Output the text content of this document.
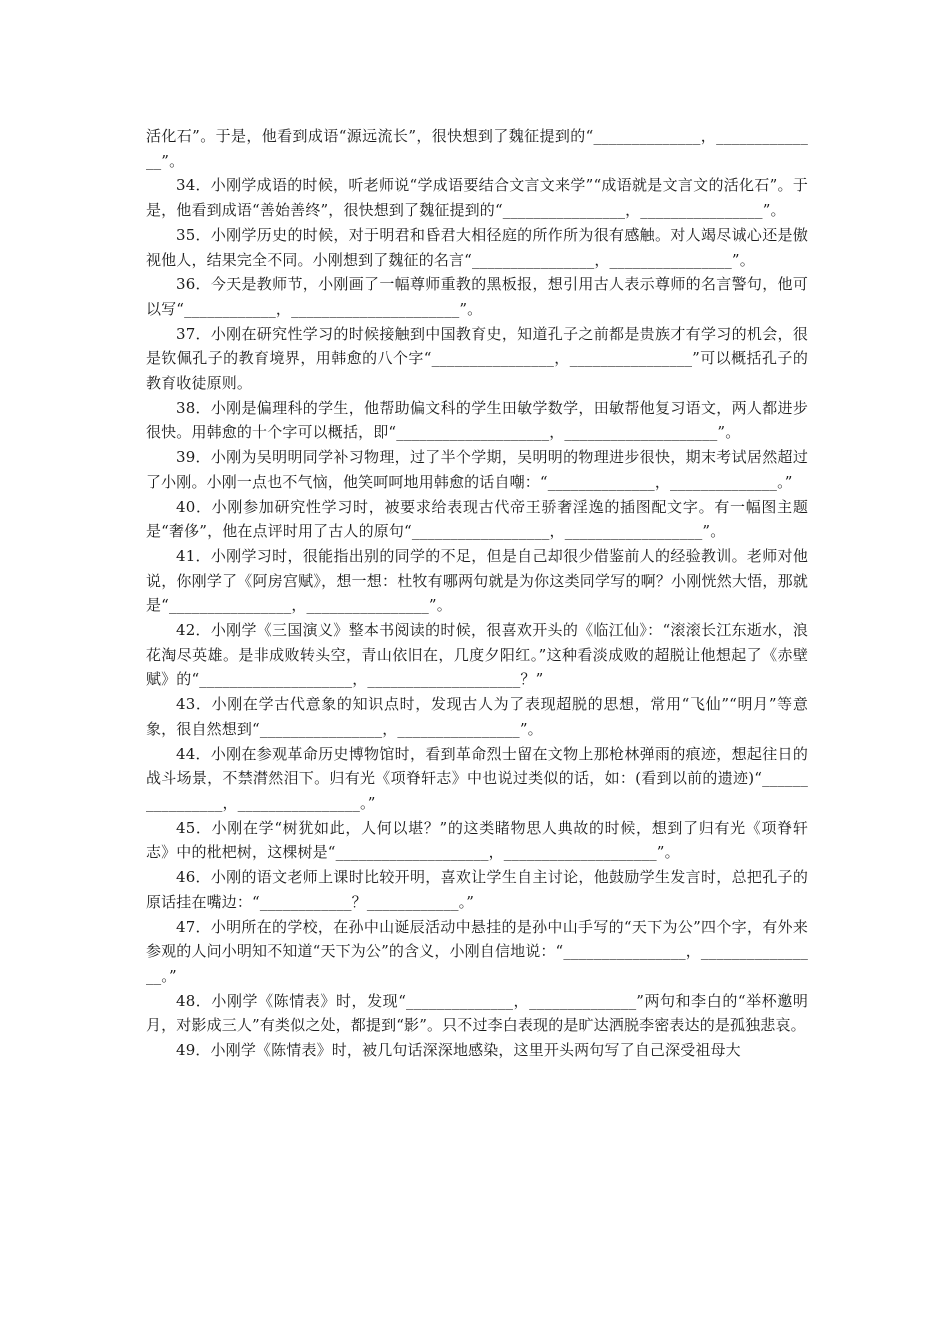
活化石”。于是，他看到成语“源远流长”，很快想到了魏征提到的“______________，______________”。

34．小刚学成语的时候，听老师说“学成语要结合文言文来学”“成语就是文言文的活化石”。于是，他看到成语“善始善终”，很快想到了魏征提到的“________________，________________”。

35．小刚学历史的时候，对于明君和昏君大相径庭的所作所为很有感触。对人竭尽诚心还是傲视他人，结果完全不同。小刚想到了魏征的名言“________________，________________”。

36．今天是教师节，小刚画了一幅尊师重教的黑板报，想引用古人表示尊师的名言警句，他可以写“____________，______________________”。

37．小刚在研究性学习的时候接触到中国教育史，知道孔子之前都是贵族才有学习的机会，很是钦佩孔子的教育境界，用韩愈的八个字“________________，________________”可以概括孔子的教育收徒原则。

38．小刚是偏理科的学生，他帮助偏文科的学生田敏学数学，田敏帮他复习语文，两人都进步很快。用韩愈的十个字可以概括，即“____________________，____________________”。

39．小刚为吴明明同学补习物理，过了半个学期，吴明明的物理进步很快，期末考试居然超过了小刚。小刚一点也不气恼，他笑呵呵地用韩愈的话自嘲：“______________，______________。”

40．小刚参加研究性学习时，被要求给表现古代帝王骄奢淫逸的插图配文字。有一幅图主题是“奢侈”，他在点评时用了古人的原句“__________________，__________________”。

41．小刚学习时，很能指出别的同学的不足，但是自己却很少借鉴前人的经验教训。老师对他说，你刚学了《阿房宫赋》，想一想：杜牧有哪两句就是为你这类同学写的啊？小刚恍然大悟，那就是“________________，________________”。

42．小刚学《三国演义》整本书阅读的时候，很喜欢开头的《临江仙》：“滚滚长江东逝水，浪花淘尽英雄。是非成败转头空，青山依旧在，几度夕阳红。”这种看淡成败的超脱让他想起了《赤壁赋》的“____________________，____________________？”

43．小刚在学古代意象的知识点时，发现古人为了表现超脱的思想，常用“飞仙”“明月”等意象，很自然想到“________________，________________”。

44．小刚在参观革命历史博物馆时，看到革命烈士留在文物上那枪林弹雨的痕迹，想起往日的战斗场景，不禁潸然泪下。归有光《项脊轩志》中也说过类似的话，如：(看到以前的遗迹)“________________，________________。”

45．小刚在学“树犹如此，人何以堪？”的这类睹物思人典故的时候，想到了归有光《项脊轩志》中的枇杷树，这棵树是“____________________，____________________”。

46．小刚的语文老师上课时比较开明，喜欢让学生自主讨论，他鼓励学生发言时，总把孔子的原话挂在嘴边：“____________？____________。”

47．小明所在的学校，在孙中山诞辰活动中悬挂的是孙中山手写的“天下为公”四个字，有外来参观的人问小明知不知道“天下为公”的含义，小刚自信地说：“________________，________________。”

48．小刚学《陈情表》时，发现“______________，______________”两句和李白的“举杯邀明月，对影成三人”有类似之处，都提到“影”。只不过李白表现的是旷达洒脱李密表达的是孤独悲哀。

49．小刚学《陈情表》时，被几句话深深地感染，这里开头两句写了自己深受祖母大
